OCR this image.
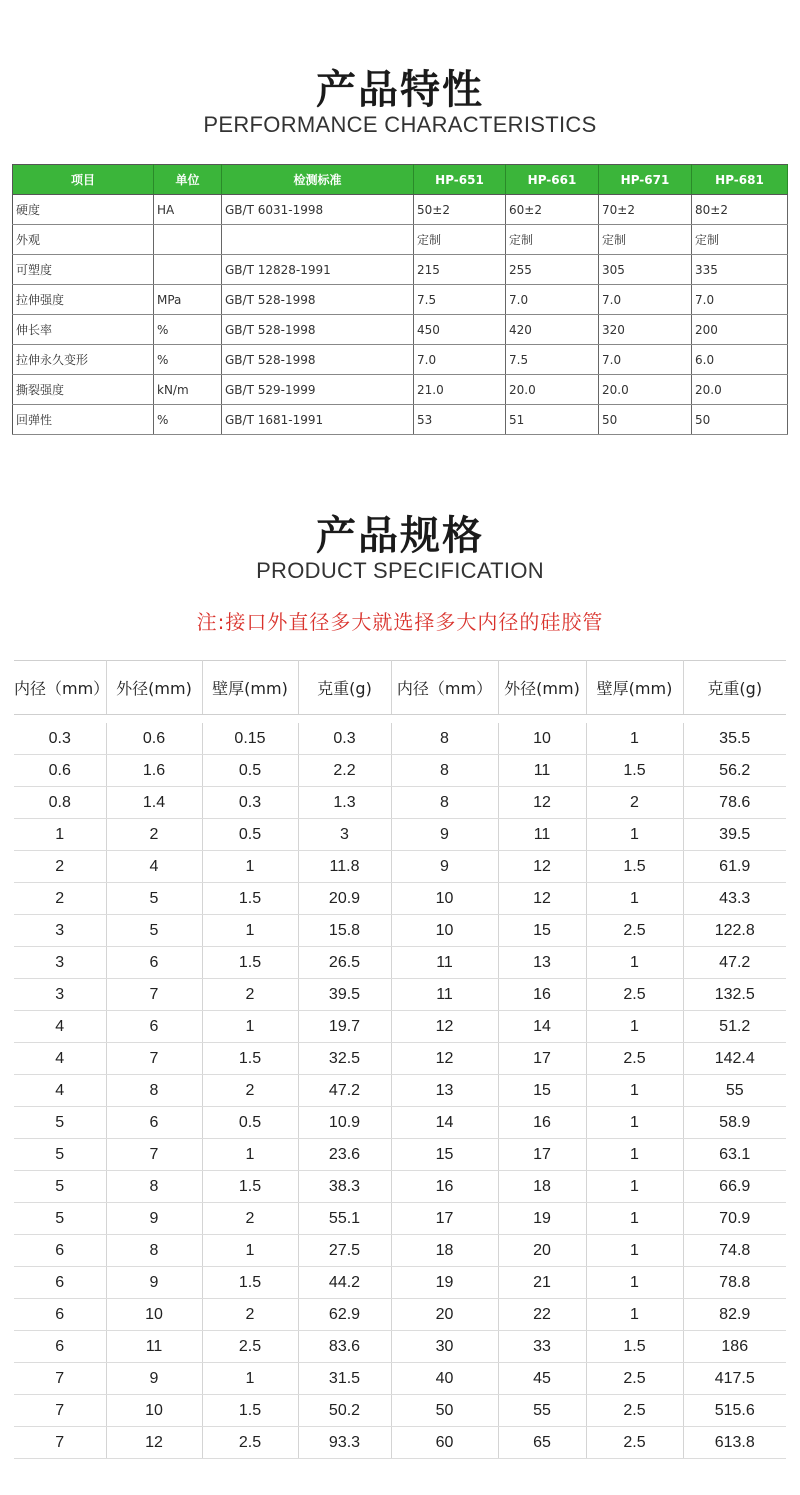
产品特性
PERFORMANCE CHARACTERISTICS
项目	单位	检测标准	HP-651	HP-661	HP-671	HP-681
硬度	HA	GB/T 6031-1998	50±2	60±2	70±2	80±2
外观			定制	定制	定制	定制
可塑度		GB/T 12828-1991	215	255	305	335
拉伸强度	MPa	GB/T 528-1998	7.5	7.0	7.0	7.0
伸长率	%	GB/T 528-1998	450	420	320	200
拉伸永久变形	%	GB/T 528-1998	7.0	7.5	7.0	6.0
撕裂强度	kN/m	GB/T 529-1999	21.0	20.0	20.0	20.0
回弹性	%	GB/T 1681-1991	53	51	50	50
产品规格
PRODUCT SPECIFICATION
注:接口外直径多大就选择多大内径的硅胶管
内径（mm）	外径(mm)	壁厚(mm)	克重(g)	内径（mm）	外径(mm)	壁厚(mm)	克重(g)

0.3	0.6	0.15	0.3	8	10	1	35.5
0.6	1.6	0.5	2.2	8	11	1.5	56.2
0.8	1.4	0.3	1.3	8	12	2	78.6
1	2	0.5	3	9	11	1	39.5
2	4	1	11.8	9	12	1.5	61.9
2	5	1.5	20.9	10	12	1	43.3
3	5	1	15.8	10	15	2.5	122.8
3	6	1.5	26.5	11	13	1	47.2
3	7	2	39.5	11	16	2.5	132.5
4	6	1	19.7	12	14	1	51.2
4	7	1.5	32.5	12	17	2.5	142.4
4	8	2	47.2	13	15	1	55
5	6	0.5	10.9	14	16	1	58.9
5	7	1	23.6	15	17	1	63.1
5	8	1.5	38.3	16	18	1	66.9
5	9	2	55.1	17	19	1	70.9
6	8	1	27.5	18	20	1	74.8
6	9	1.5	44.2	19	21	1	78.8
6	10	2	62.9	20	22	1	82.9
6	11	2.5	83.6	30	33	1.5	186
7	9	1	31.5	40	45	2.5	417.5
7	10	1.5	50.2	50	55	2.5	515.6
7	12	2.5	93.3	60	65	2.5	613.8
